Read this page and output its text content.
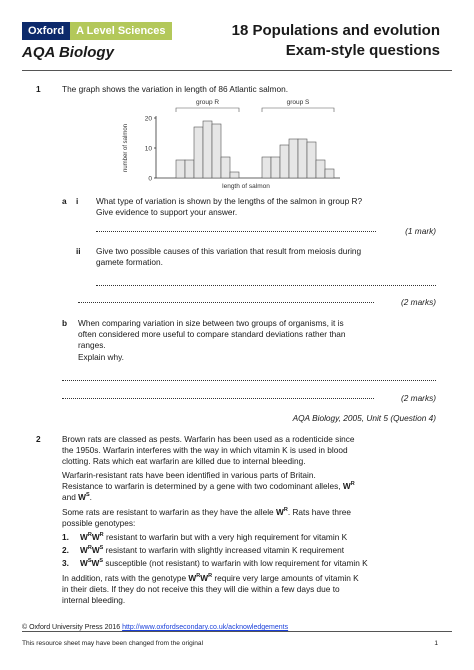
Oxford	A Level Sciences
AQA Biology
18 Populations and evolution
Exam-style questions
1	The graph shows the variation in length of 86 Atlantic salmon.
0
10
20
number of salmon
length of salmon
group R	group S
a i What type of variation is shown by the lengths of the salmon in group R?
Give evidence to support your answer.
(1 mark)
ii Give two possible causes of this variation that result from meiosis during
gamete formation.
(2 marks)
b When comparing variation in size between two groups of organisms, it is
often considered more useful to compare standard deviations rather than
ranges.
Explain why.
(2 marks)
AQA Biology, 2005, Unit 5 (Question 4)
2	Brown rats are classed as pests. Warfarin has been used as a rodenticide since
the 1950s. Warfarin interferes with the way in which vitamin K is used in blood
clotting. Rats which eat warfarin are killed due to internal bleeding.
Warfarin-resistant rats have been identified in various parts of Britain.
Resistance to warfarin is determined by a gene with two codominant alleles, $W^R$
and $W^S$.
Some rats are resistant to warfarin as they have the allele $W^R$. Rats have three
possible genotypes:
1. $W^RW^R$ resistant to warfarin but with a very high requirement for vitamin K
2. $W^RW^S$ resistant to warfarin with slightly increased vitamin K requirement
3. $W^SW^S$ susceptible (not resistant) to warfarin with low requirement for vitamin K
In addition, rats with the genotype $W^RW^R$ require very large amounts of vitamin K
in their diets. If they do not receive this they will die within a few days due to
internal bleeding.
© Oxford University Press 2016 http://www.oxfordsecondary.co.uk/acknowledgements
This resource sheet may have been changed from the original	1
